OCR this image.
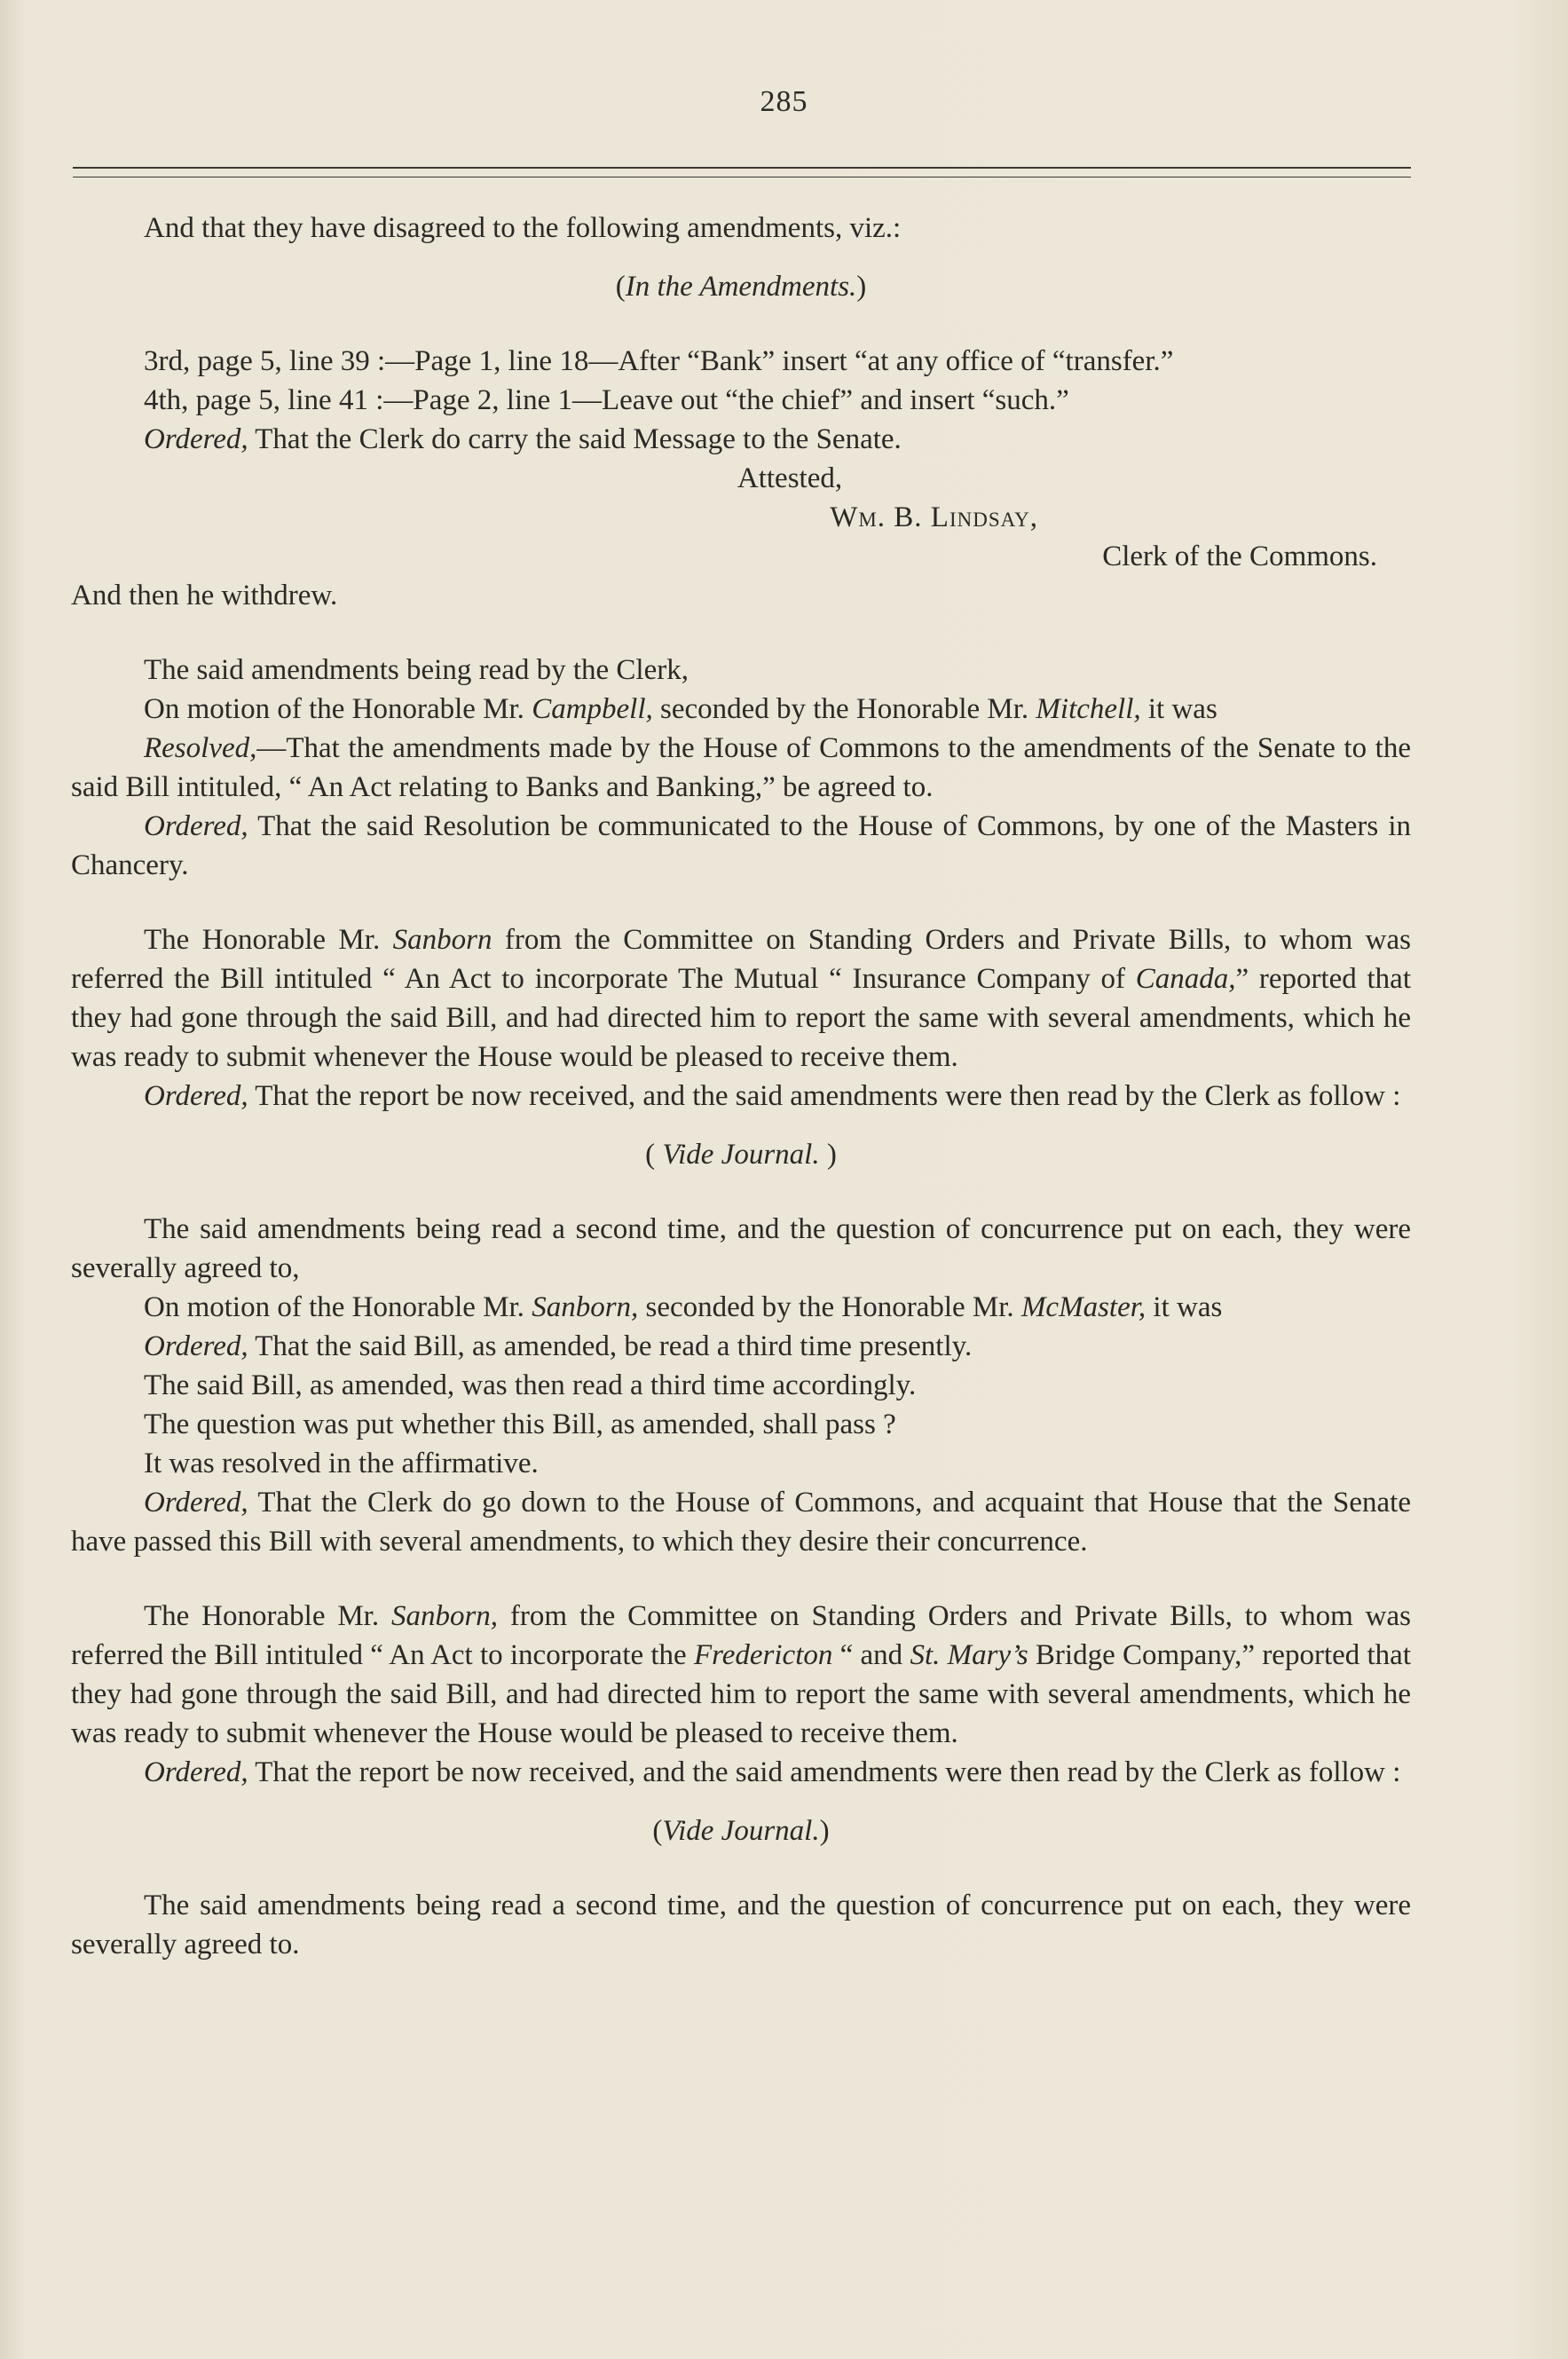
285

And that they have disagreed to the following amendments, viz.:

(In the Amendments.)

3rd, page 5, line 39 :—Page 1, line 18—After “Bank” insert “at any office of “transfer.”

4th, page 5, line 41 :—Page 2, line 1—Leave out “the chief” and insert “such.”

Ordered, That the Clerk do carry the said Message to the Senate.

Attested,

Wm. B. Lindsay,

Clerk of the Commons.

And then he withdrew.

The said amendments being read by the Clerk,

On motion of the Honorable Mr. Campbell, seconded by the Honorable Mr. Mitchell, it was

Resolved,—That the amendments made by the House of Commons to the amendments of the Senate to the said Bill intituled, “ An Act relating to Banks and Banking,” be agreed to.

Ordered, That the said Resolution be communicated to the House of Commons, by one of the Masters in Chancery.

The Honorable Mr. Sanborn from the Committee on Standing Orders and Private Bills, to whom was referred the Bill intituled “ An Act to incorporate The Mutual “ Insurance Company of Canada,” reported that they had gone through the said Bill, and had directed him to report the same with several amendments, which he was ready to submit whenever the House would be pleased to receive them.

Ordered, That the report be now received, and the said amendments were then read by the Clerk as follow :

( Vide Journal. )

The said amendments being read a second time, and the question of concurrence put on each, they were severally agreed to,

On motion of the Honorable Mr. Sanborn, seconded by the Honorable Mr. McMaster, it was

Ordered, That the said Bill, as amended, be read a third time presently.

The said Bill, as amended, was then read a third time accordingly.

The question was put whether this Bill, as amended, shall pass ?

It was resolved in the affirmative.

Ordered, That the Clerk do go down to the House of Commons, and acquaint that House that the Senate have passed this Bill with several amendments, to which they desire their concurrence.

The Honorable Mr. Sanborn, from the Committee on Standing Orders and Private Bills, to whom was referred the Bill intituled “ An Act to incorporate the Fredericton “ and St. Mary’s Bridge Company,” reported that they had gone through the said Bill, and had directed him to report the same with several amendments, which he was ready to submit whenever the House would be pleased to receive them.

Ordered, That the report be now received, and the said amendments were then read by the Clerk as follow :

(Vide Journal.)

The said amendments being read a second time, and the question of concurrence put on each, they were severally agreed to.
